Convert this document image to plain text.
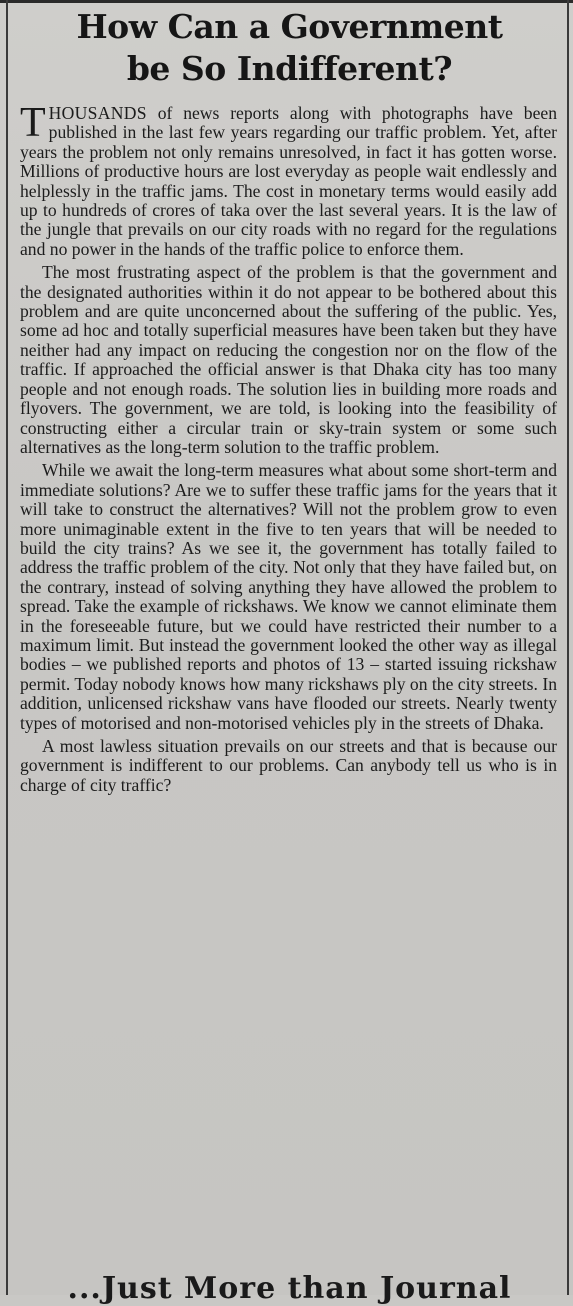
How Can a Government
be So Indifferent?

THOUSANDS of news reports along with photographs have been published in the last few years regarding our traffic problem. Yet, after years the problem not only remains unresolved, in fact it has gotten worse. Millions of productive hours are lost everyday as people wait endlessly and helplessly in the traffic jams. The cost in monetary terms would easily add up to hundreds of crores of taka over the last several years. It is the law of the jungle that prevails on our city roads with no regard for the regulations and no power in the hands of the traffic police to enforce them.

The most frustrating aspect of the problem is that the government and the designated authorities within it do not appear to be bothered about this problem and are quite unconcerned about the suffering of the public. Yes, some ad hoc and totally superficial measures have been taken but they have neither had any impact on reducing the congestion nor on the flow of the traffic. If approached the official answer is that Dhaka city has too many people and not enough roads. The solution lies in building more roads and flyovers. The government, we are told, is looking into the feasibility of constructing either a circular train or sky-train system or some such alternatives as the long-term solution to the traffic problem.

While we await the long-term measures what about some short-term and immediate solutions? Are we to suffer these traffic jams for the years that it will take to construct the alternatives? Will not the problem grow to even more unimaginable extent in the five to ten years that will be needed to build the city trains? As we see it, the government has totally failed to address the traffic problem of the city. Not only that they have failed but, on the contrary, instead of solving anything they have allowed the problem to spread. Take the example of rickshaws. We know we cannot eliminate them in the foreseeable future, but we could have restricted their number to a maximum limit. But instead the government looked the other way as illegal bodies – we published reports and photos of 13 – started issuing rickshaw permit. Today nobody knows how many rickshaws ply on the city streets. In addition, unlicensed rickshaw vans have flooded our streets. Nearly twenty types of motorised and non-motorised vehicles ply in the streets of Dhaka.

A most lawless situation prevails on our streets and that is because our government is indifferent to our problems. Can anybody tell us who is in charge of city traffic?

...Just More than Journal
